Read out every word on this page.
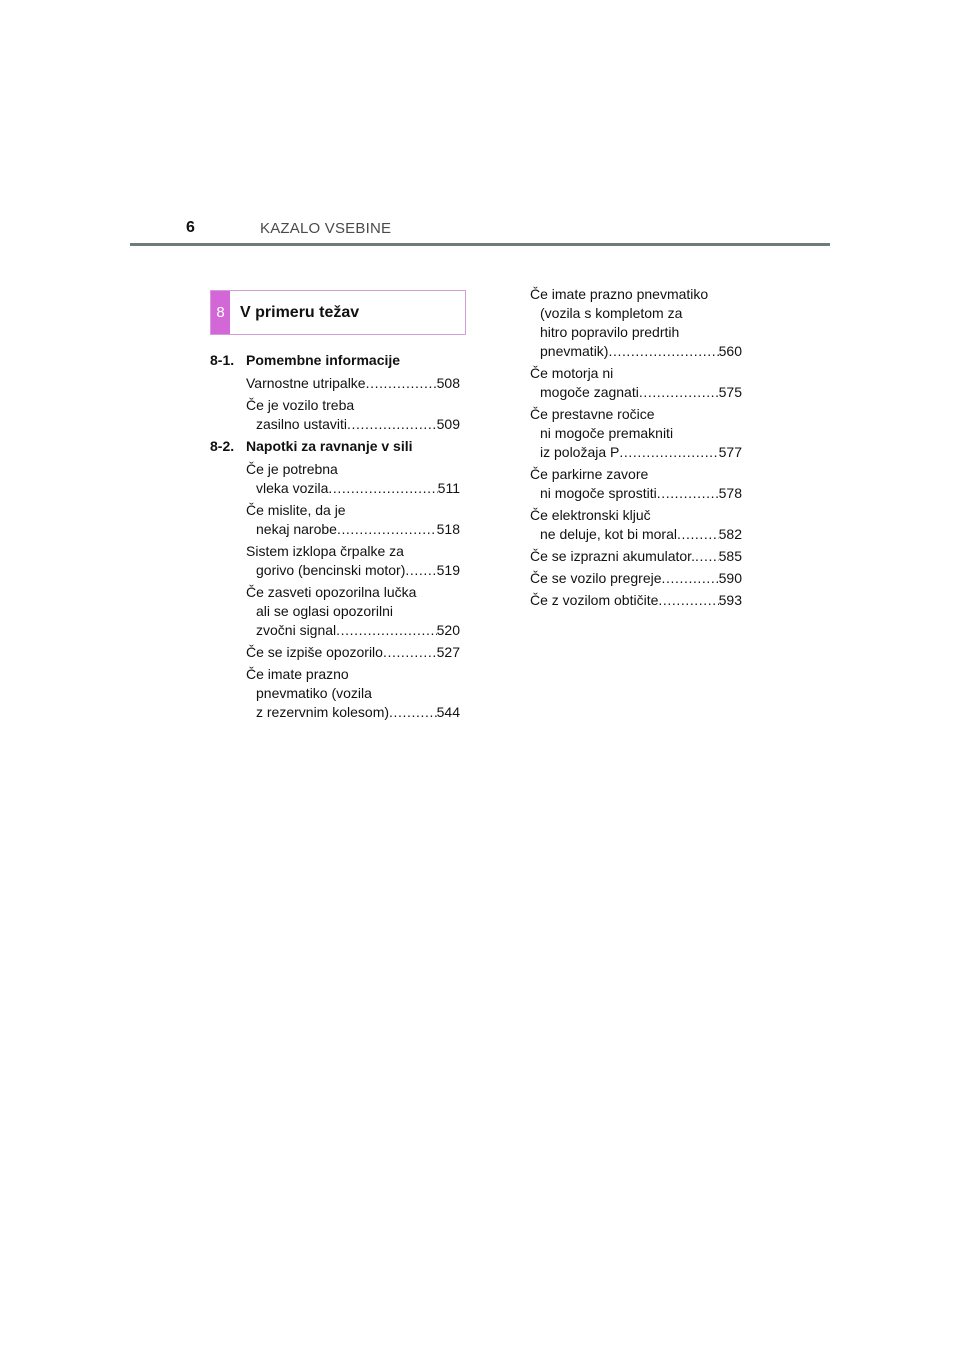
6	KAZALO VSEBINE
8 V primeru težav
8-1. Pomembne informacije
Varnostne utripalke .....	508
Če je vozilo treba
zasilno ustaviti .....	509
8-2. Napotki za ravnanje v sili
Če je potrebna
vleka vozila .....	511
Če mislite, da je
nekaj narobe .....	518
Sistem izklopa črpalke za
gorivo (bencinski motor) ..... 519
Če zasveti opozorilna lučka
ali se oglasi opozorilni
zvočni signal .....	520
Če se izpiše opozorilo .....	527
Če imate prazno
pnevmatiko (vozila
z rezervnim kolesom) .....	544
Če imate prazno pnevmatiko
(vozila s kompletom za
hitro popravilo predrtih
pnevmatik) .....	560
Če motorja ni
mogoče zagnati .....	575
Če prestavne ročice
ni mogoče premakniti
iz položaja P .....	577
Če parkirne zavore
ni mogoče sprostiti .....	578
Če elektronski ključ
ne deluje, kot bi moral .....	582
Če se izprazni akumulator. ..... 585
Če se vozilo pregreje .....	590
Če z vozilom obtičite .....	593
